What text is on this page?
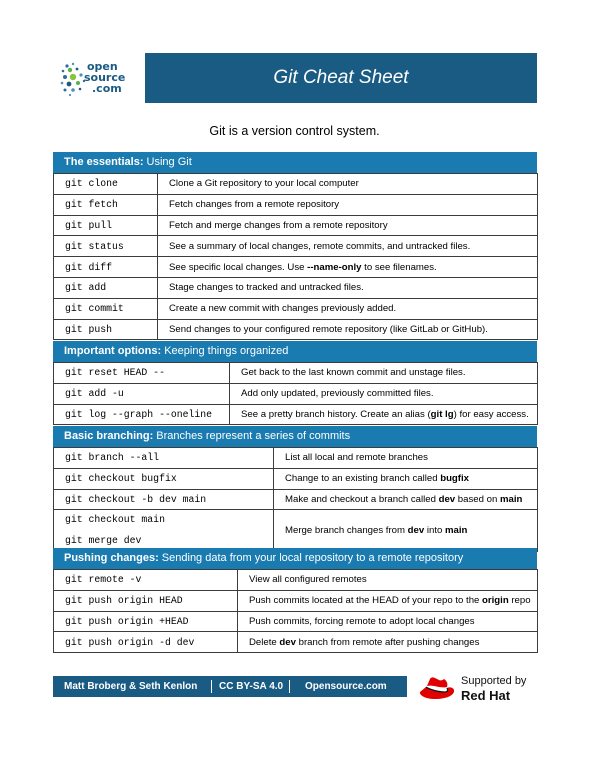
open
source
.com
Git Cheat Sheet
Git is a version control system.
The essentials: Using Git
git clone	Clone a Git repository to your local computer
git fetch	Fetch changes from a remote repository
git pull	Fetch and merge changes from a remote repository
git status	See a summary of local changes, remote commits, and untracked files.
git diff	See specific local changes. Use --name-only to see filenames.
git add	Stage changes to tracked and untracked files.
git commit	Create a new commit with changes previously added.
git push	Send changes to your configured remote repository (like GitLab or GitHub).
Important options: Keeping things organized
git reset HEAD --	Get back to the last known commit and unstage files.
git add -u	Add only updated, previously committed files.
git log --graph --oneline	See a pretty branch history. Create an alias (git lg) for easy access.
Basic branching: Branches represent a series of commits
git branch --all	List all local and remote branches
git checkout bugfix	Change to an existing branch called bugfix
git checkout -b dev main	Make and checkout a branch called dev based on main

git checkout main
git merge dev	Merge branch changes from dev into main
Pushing changes: Sending data from your local repository to a remote repository
git remote -v	View all configured remotes
git push origin HEAD	Push commits located at the HEAD of your repo to the origin repo
git push origin +HEAD	Push commits, forcing remote to adopt local changes
git push origin -d dev	Delete dev branch from remote after pushing changes
Matt Broberg & Seth Kenlon CC BY-SA 4.0 Opensource.com	Supported by
Red Hat
